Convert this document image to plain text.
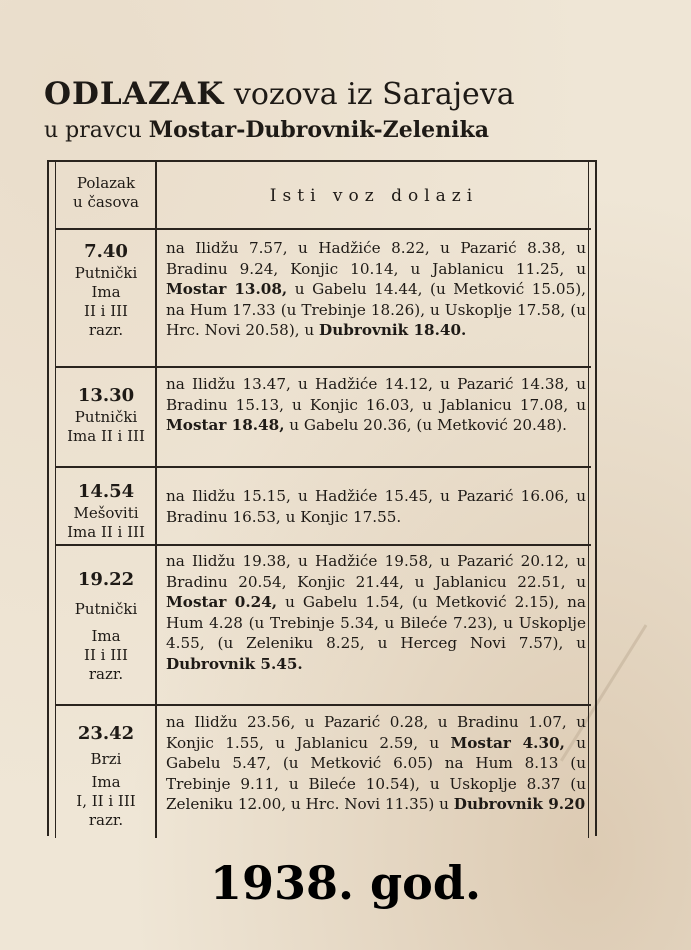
ODLAZAK vozova iz Sarajeva
u pravcu Mostar-Dubrovnik-Zelenika
Polazak
u časova	Isti voz dolazi
7.40
Putnički
Ima
II i III
razr.
na Ilidžu 7.57, u Hadžiće 8.22, u Pazarić 8.38, u Bradinu 9.24, Konjic 10.14, u Jablanicu 11.25, u Mostar 13.08, u Gabelu 14.44, (u Metković 15.05), na Hum 17.33 (u Trebinje 18.26), u Uskoplje 17.58, (u Hrc. Novi 20.58), u Dubrovnik 18.40.
13.30
Putnički
Ima II i III
na Ilidžu 13.47, u Hadžiće 14.12, u Pazarić 14.38, u Bradinu 15.13, u Konjic 16.03, u Jablanicu 17.08, u Mostar 18.48, u Gabelu 20.36, (u Metković 20.48).
14.54
Mešoviti
Ima II i III
na Ilidžu 15.15, u Hadžiće 15.45, u Pazarić 16.06, u Bradinu 16.53, u Konjic 17.55.
19.22
Putnički
Ima
II i III
razr.
na Ilidžu 19.38, u Hadžiće 19.58, u Pazarić 20.12, u Bradinu 20.54, Konjic 21.44, u Jablanicu 22.51, u Mostar 0.24, u Gabelu 1.54, (u Metković 2.15), na Hum 4.28 (u Trebinje 5.34, u Bileće 7.23), u Uskoplje 4.55, (u Zeleniku 8.25, u Herceg Novi 7.57), u Dubrovnik 5.45.
23.42
Brzi
Ima
I, II i III
razr.
na Ilidžu 23.56, u Pazarić 0.28, u Bradinu 1.07, u Konjic 1.55, u Jablanicu 2.59, u Mostar 4.30, u Gabelu 5.47, (u Metković 6.05) na Hum 8.13 (u Trebinje 9.11, u Bileće 10.54), u Uskoplje 8.37 (u Zeleniku 12.00, u Hrc. Novi 11.35) u Dubrovnik 9.20
1938. god.
